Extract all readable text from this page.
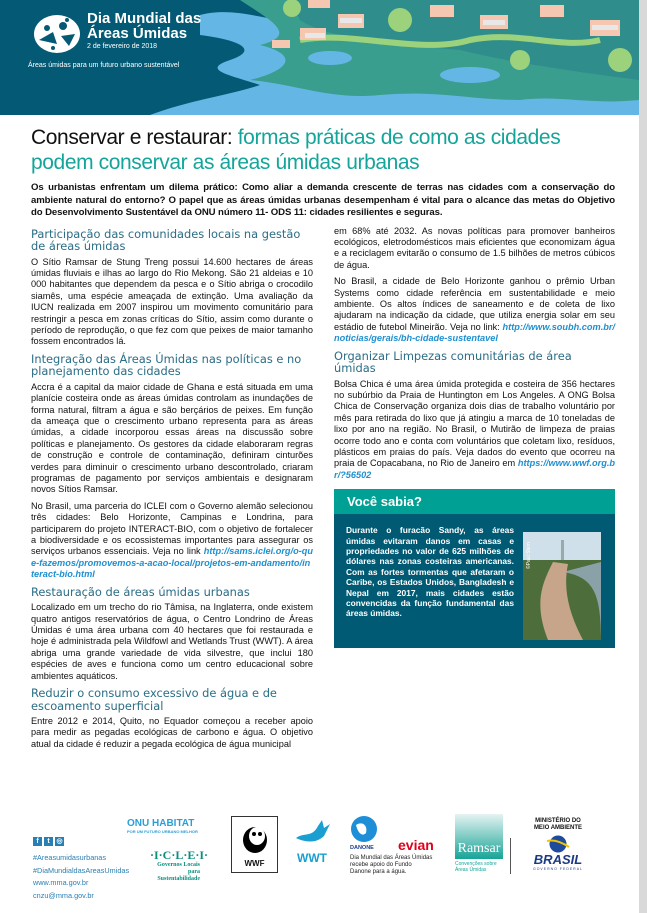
Dia Mundial das Áreas Úmidas
2 de fevereiro de 2018
Áreas úmidas para um futuro urbano sustentável
Conservar e restaurar: formas práticas de como as cidades podem conservar as áreas úmidas urbanas
Os urbanistas enfrentam um dilema prático: Como aliar a demanda crescente de terras nas cidades com a conservação do ambiente natural do entorno? O papel que as áreas úmidas urbanas desempenham é vital para o alcance das metas do Objetivo do Desenvolvimento Sustentável da ONU número 11- ODS 11: cidades resilientes e seguras.
Participação das comunidades locais na gestão de áreas úmidas

O Sítio Ramsar de Stung Treng possui 14.600 hectares de áreas úmidas fluviais e ilhas ao largo do Rio Mekong. São 21 aldeias e 10 000 habitantes que dependem da pesca e o Sítio abriga o crocodilo siamês, uma espécie ameaçada de extinção. Uma avaliação da IUCN realizada em 2007 inspirou um movimento comunitário para restringir a pesca em zonas críticas do Sítio, assim como durante o período de reprodução, o que fez com que peixes de maior tamanho fossem encontrados lá.

Integração das Áreas Úmidas nas políticas e no planejamento das cidades

Accra é a capital da maior cidade de Ghana e está situada em uma planície costeira onde as áreas úmidas controlam as inundações de forma natural, filtram a água e são berçários de peixes. Em função da ameaça que o crescimento urbano representa para as áreas úmidas, a cidade incorporou essas áreas na discussão sobre políticas e planejamento. Os gestores da cidade elaboraram regras de construção e controle de contaminação, definiram cinturões verdes para diminuir o crescimento urbano descontrolado, criaram programas de pagamento por serviços ambientais e designaram novos Sítios Ramsar.

No Brasil, uma parceria do ICLEI com o Governo alemão selecionou três cidades: Belo Horizonte, Campinas e Londrina, para participarem do projeto INTERACT-BIO, com o objetivo de fortalecer a biodiversidade e os ecossistemas importantes para assegurar os serviços urbanos essenciais. Veja no link http://sams.iclei.org/o-que-fazemos/promovemos-a-acao-local/projetos-em-andamento/interact-bio.html

Restauração de áreas úmidas urbanas

Localizado em um trecho do rio Tâmisa, na Inglaterra, onde existem quatro antigos reservatórios de água, o Centro Londrino de Áreas Úmidas é uma área urbana com 40 hectares que foi restaurada e hoje é administrada pela Wildfowl and Wetlands Trust (WWT). A área abriga uma grande variedade de vida silvestre, que inclui 180 espécies de aves e funciona como um centro educacional sobre ambientes aquáticos.

Reduzir o consumo excessivo de água e de escoamento superficial

Entre 2012 e 2014, Quito, no Equador começou a receber apoio para medir as pegadas ecológicas de carbono e água. O objetivo atual da cidade é reduzir a pegada ecológica de água municipal

em 68% até 2032. As novas políticas para promover banheiros ecológicos, eletrodomésticos mais eficientes que economizam água e a reciclagem evitarão o consumo de 1.5 bilhões de metros cúbicos de água.

No Brasil, a cidade de Belo Horizonte ganhou o prêmio Urban Systems como cidade referência em sustentabilidade e meio ambiente. Os altos índices de saneamento e de coleta de lixo ajudaram na indicação da cidade, que utiliza energia solar em seu estádio de futebol Mineirão. Veja no link: http://www.soubh.com.br/noticias/gerais/bh-cidade-sustentavel

Organizar Limpezas comunitárias de área úmidas

Bolsa Chica é uma área úmida protegida e costeira de 356 hectares no subúrbio da Praia de Huntington em Los Angeles. A ONG Bolsa Chica de Conservação organiza dois dias de trabalho voluntário por mês para retirada do lixo que já atingiu a marca de 10 toneladas de lixo por ano na região. No Brasil, o Mutirão de limpeza de praias ocorre todo ano e conta com voluntários que coletam lixo, resíduos, plásticos em praias do país. Veja dados do evento que ocorreu na praia de Copacabana, no Rio de Janeiro em https://www.wwf.org.br/?56502

Você sabia?
Durante o furacão Sandy, as áreas úmidas evitaram danos em casas e propriedades no valor de 625 milhões de dólares nas zonas costeiras americanas. Com as fortes tormentas que afetaram o Caribe, os Estados Unidos, Bangladesh e Nepal em 2017, mais cidades estão convencidas da função fundamental das áreas úmidas.
©Paul Stern
f	t ◎
#Areasumidasurbanas
#DiaMundialdasAreasUmidas
www.mma.gov.br
cnzu@mma.gov.br
ONU HABITAT
POR UM FUTURO URBANO MELHOR
·I·C·L·E·I·
Governos Locais para Sustentabilidade
WWF	WWT
DANONE evian
Dia Mundial das Áreas Úmidas recebe apoio do Fundo Danone para a água.
Ramsar
Convenções sobre Áreas Úmidas
MINISTÉRIO DO MEIO AMBIENTE
BRASIL
GOVERNO FEDERAL
